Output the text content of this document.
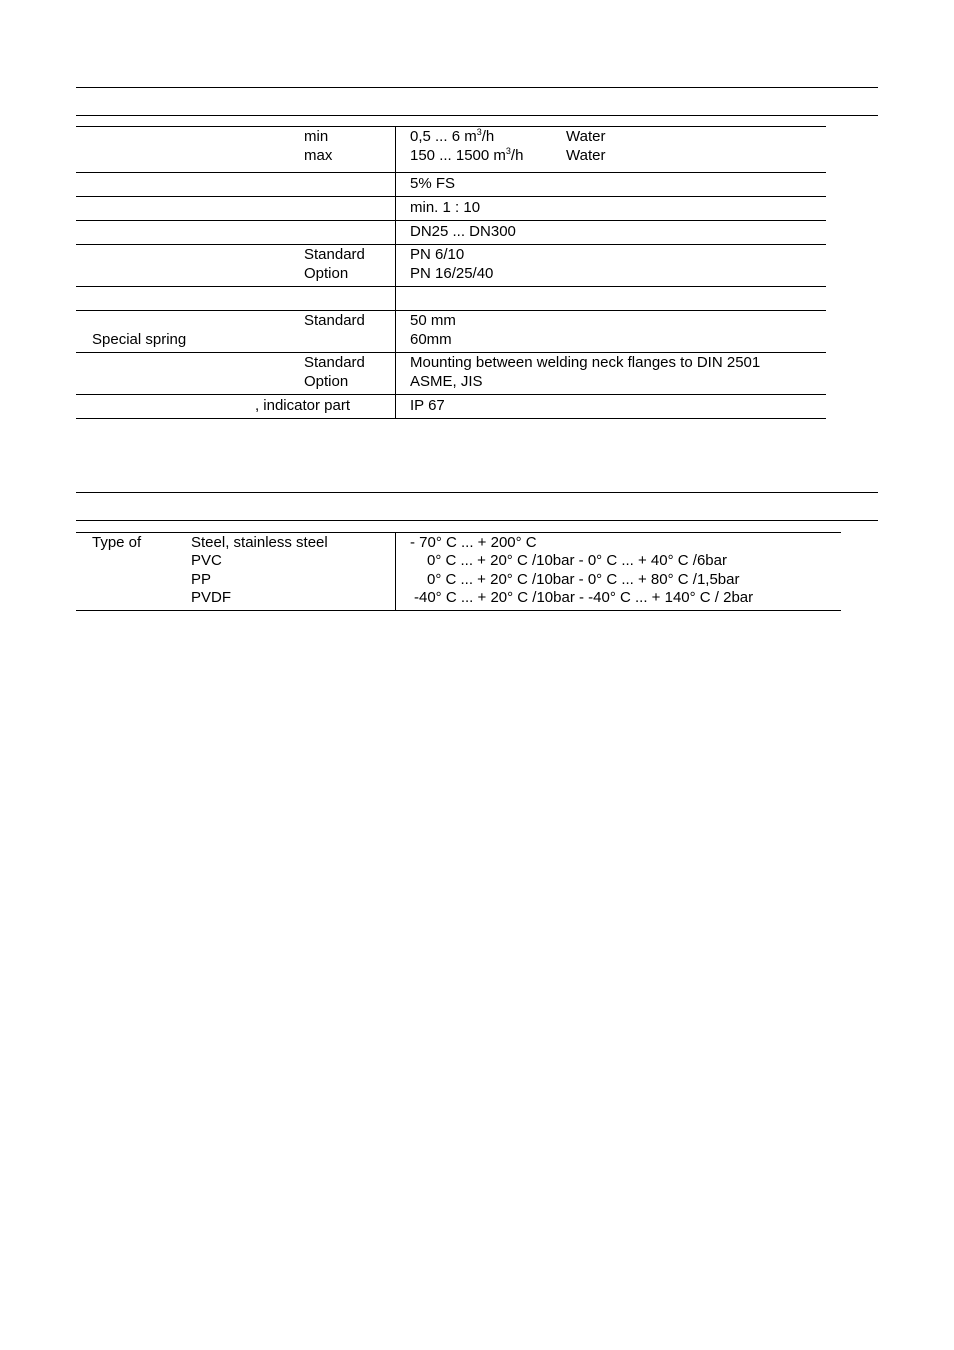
min
max
0,5 ... 6 $m^3/h$
150 ... 1500 $m^3/h$
Water
Water
5% FS
min. 1 : 10
DN25 ... DN300
Standard
Option
PN 6/10
PN 16/25/40
Standard
Special spring
50 mm
60mm
Standard
Option
Mounting between welding neck flanges to DIN 2501
ASME, JIS
, indicator part	IP 67
Type of	Steel, stainless steel
PVC
PP
PVDF
- 70° C ... + 200° C
0° C ... + 20° C /10bar - 0° C ... + 40° C /6bar
0° C ... + 20° C /10bar - 0° C ... + 80° C /1,5bar
-40° C ... + 20° C /10bar - -40° C ... + 140° C / 2bar
